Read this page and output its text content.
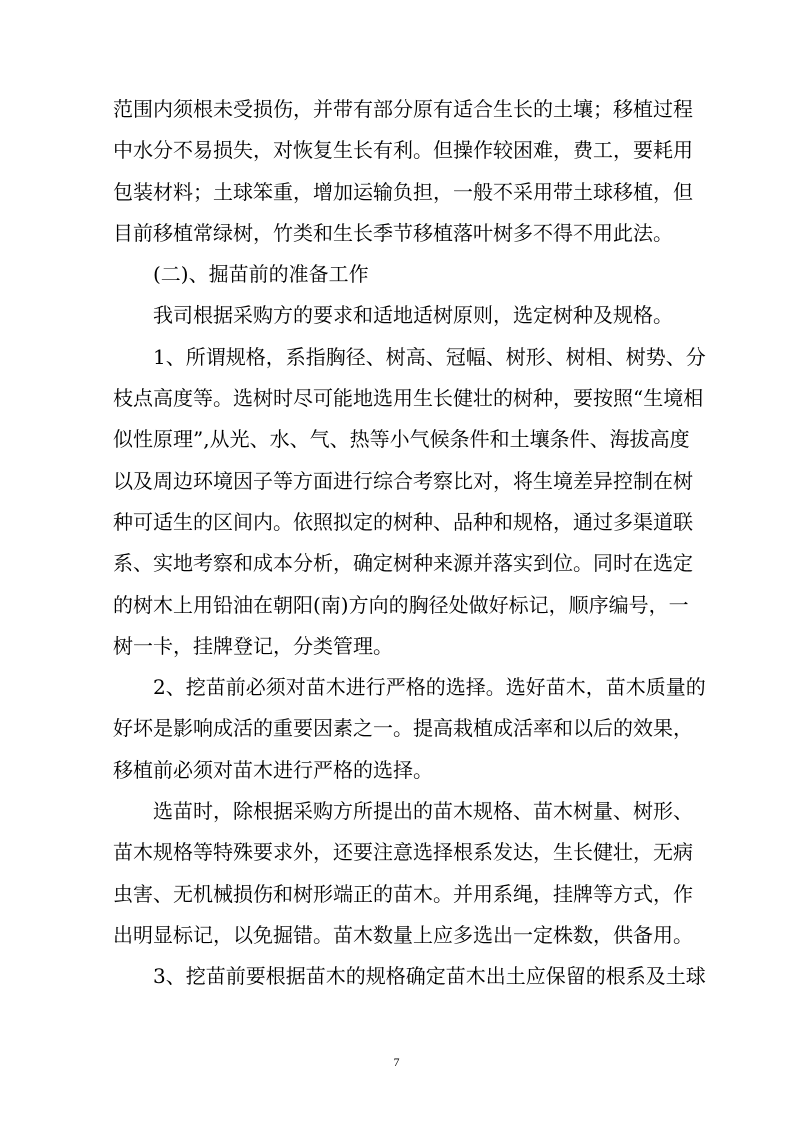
范围内须根未受损伤，并带有部分原有适合生长的土壤；移植过程
中水分不易损失，对恢复生长有利。但操作较困难，费工，要耗用
包装材料；土球笨重，增加运输负担，一般不采用带土球移植，但
目前移植常绿树，竹类和生长季节移植落叶树多不得不用此法。
(二)、掘苗前的准备工作
我司根据采购方的要求和适地适树原则，选定树种及规格。
1、所谓规格，系指胸径、树高、冠幅、树形、树相、树势、分
枝点高度等。选树时尽可能地选用生长健壮的树种，要按照“生境相
似性原理”,从光、水、气、热等小气候条件和土壤条件、海拔高度
以及周边环境因子等方面进行综合考察比对，将生境差异控制在树
种可适生的区间内。依照拟定的树种、品种和规格，通过多渠道联
系、实地考察和成本分析，确定树种来源并落实到位。同时在选定
的树木上用铅油在朝阳(南)方向的胸径处做好标记，顺序编号，一
树一卡，挂牌登记，分类管理。
2、挖苗前必须对苗木进行严格的选择。选好苗木，苗木质量的
好坏是影响成活的重要因素之一。提高栽植成活率和以后的效果，
移植前必须对苗木进行严格的选择。
选苗时，除根据采购方所提出的苗木规格、苗木树量、树形、
苗木规格等特殊要求外，还要注意选择根系发达，生长健壮，无病
虫害、无机械损伤和树形端正的苗木。并用系绳，挂牌等方式，作
出明显标记，以免掘错。苗木数量上应多选出一定株数，供备用。
3、挖苗前要根据苗木的规格确定苗木出土应保留的根系及土球
7
